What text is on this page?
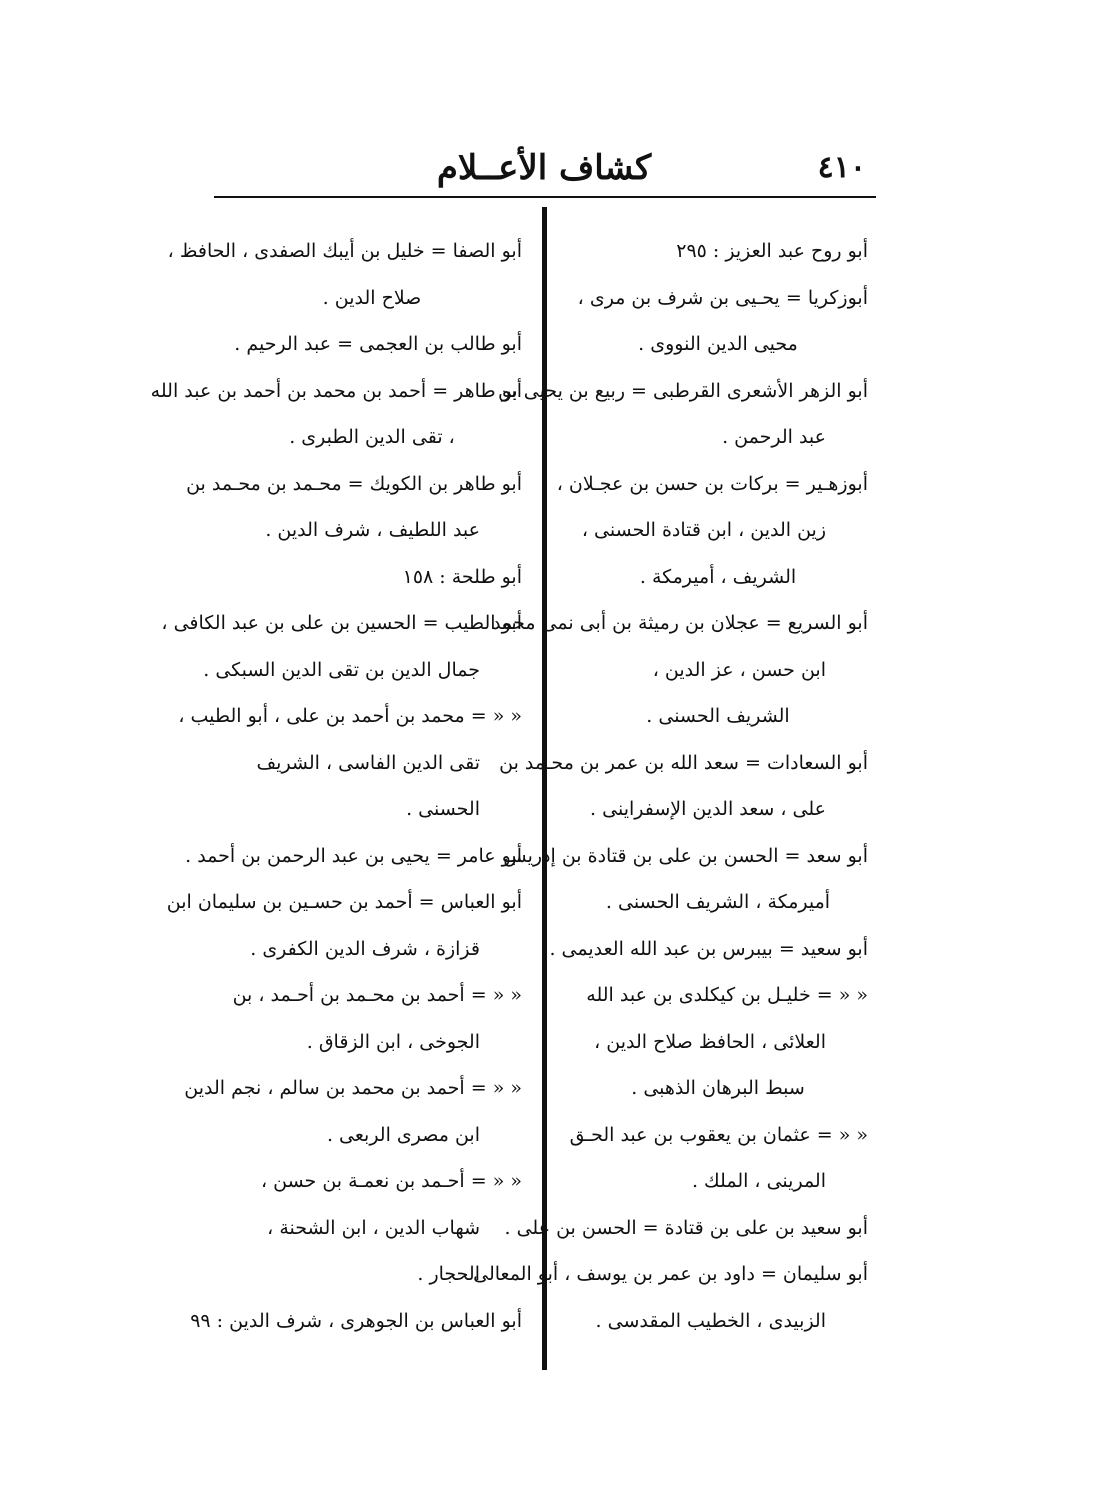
كشاف الأعــلام	٤١٠
أبو روح عبد العزيز : ٢٩٥
أبوزكريا = يحـيى بن شرف بن مرى ،
محيى الدين النووى .
أبو الزهر الأشعرى القرطبى = ربيع بن يحيى بن
عبد الرحمن .
أبوزهـير = بركات بن حسن بن عجـلان ،
زين الدين ، ابن قتادة الحسنى ،
الشريف ، أميرمكة .
أبو السريع = عجلان بن رميثة بن أبى نمى محمد
ابن حسن ، عز الدين ،
الشريف الحسنى .
أبو السعادات = سعد الله بن عمر بن محـمد بن
على ، سعد الدين الإسفراينى .
أبو سعد = الحسن بن على بن قتادة بن إدريس
أميرمكة ، الشريف الحسنى .
أبو سعيد = بيبرس بن عبد الله العديمى .
« « = خليـل بن كيكلدى بن عبد الله
العلائى ، الحافظ صلاح الدين ،
سبط البرهان الذهبى .
« « = عثمان بن يعقوب بن عبد الحـق
المرينى ، الملك .
أبو سعيد بن على بن قتادة = الحسن بن على .
أبو سليمان = داود بن عمر بن يوسف ، أبو المعالى
الزبيدى ، الخطيب المقدسى .
أبو الصفا = خليل بن أيبك الصفدى ، الحافظ ،
صلاح الدين .
أبو طالب بن العجمى = عبد الرحيم .
أبو طاهر = أحمد بن محمد بن أحمد بن عبد الله
، تقى الدين الطبرى .
أبو طاهر بن الكويك = محـمد بن محـمد بن
عبد اللطيف ، شرف الدين .
أبو طلحة : ١٥٨
أبو الطيب = الحسين بن على بن عبد الكافى ،
جمال الدين بن تقى الدين السبكى .
« « = محمد بن أحمد بن على ، أبو الطيب ،
تقى الدين الفاسى ، الشريف
الحسنى .
أبو عامر = يحيى بن عبد الرحمن بن أحمد .
أبو العباس = أحمد بن حسـين بن سليمان ابن
قزازة ، شرف الدين الكفرى .
« « = أحمد بن محـمد بن أحـمد ، بن
الجوخى ، ابن الزقاق .
« « = أحمد بن محمد بن سالم ، نجم الدين
ابن مصرى الربعى .
« « = أحـمد بن نعمـة بن حسن ،
شهاب الدين ، ابن الشحنة ،
الحجار .
أبو العباس بن الجوهرى ، شرف الدين : ٩٩
